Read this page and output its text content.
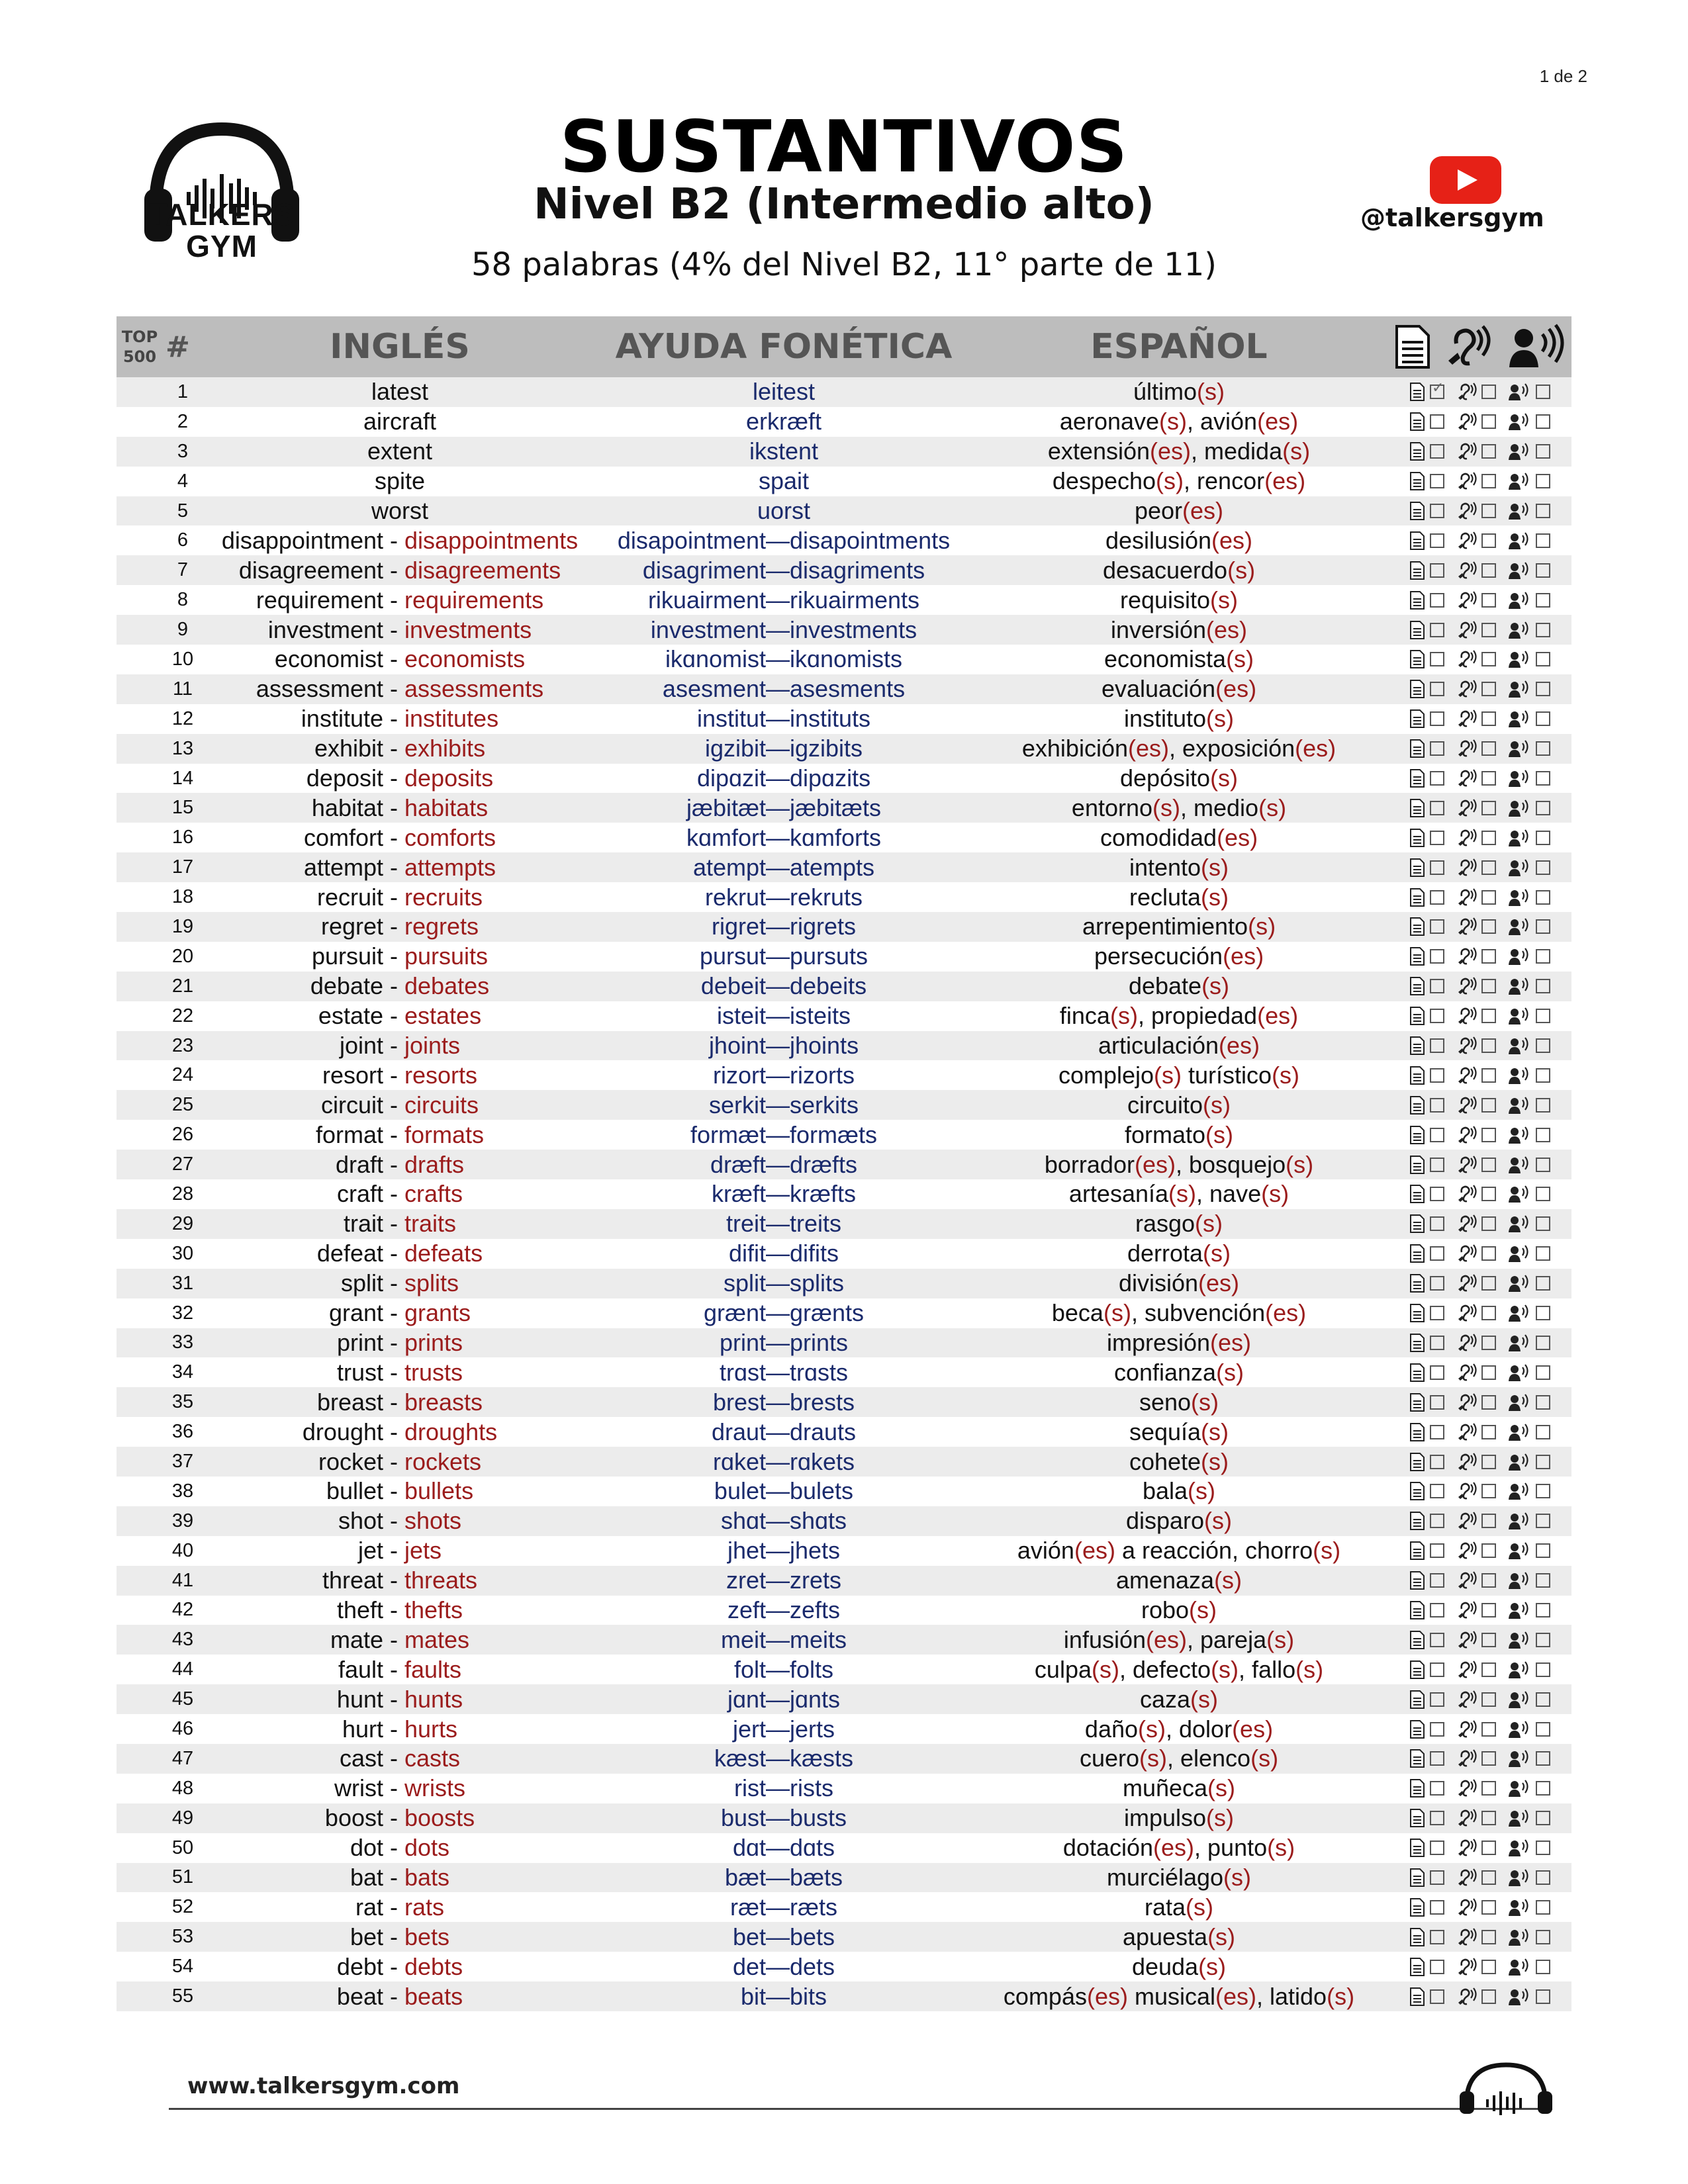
1 de 2
TALKERS
GYM
SUSTANTIVOS
Nivel B2 (Intermedio alto)
58 palabras (4% del Nivel B2, 11° parte de 11)
@talkersgym
TOP
500	#	INGLÉS	AYUDA FONÉTICA	ESPAÑOL	

	1	latest	leitest	último(s)	✓

	2	aircraft	erkræft	aeronave(s), avión(es)	

	3	extent	ikstent	extensión(es), medida(s)	

	4	spite	spait	despecho(s), rencor(es)	

	5	worst	uorst	peor(es)	

	6	disappointment - disappointments	disapointment—disapointments	desilusión(es)	

	7	disagreement - disagreements	disagriment—disagriments	desacuerdo(s)	

	8	requirement - requirements	rikuairment—rikuairments	requisito(s)	

	9	investment - investments	investment—investments	inversión(es)	

	10	economist - economists	ikɑnomist—ikɑnomists	economista(s)	

	11	assessment - assessments	asesment—asesments	evaluación(es)	

	12	institute - institutes	institut—instituts	instituto(s)	

	13	exhibit - exhibits	igzibit—igzibits	exhibición(es), exposición(es)	

	14	deposit - deposits	dipɑzit—dipɑzits	depósito(s)	

	15	habitat - habitats	jæbitæt—jæbitæts	entorno(s), medio(s)	

	16	comfort - comforts	kɑmfort—kɑmforts	comodidad(es)	

	17	attempt - attempts	atempt—atempts	intento(s)	

	18	recruit - recruits	rekrut—rekruts	recluta(s)	

	19	regret - regrets	rigret—rigrets	arrepentimiento(s)	

	20	pursuit - pursuits	pursut—pursuts	persecución(es)	

	21	debate - debates	debeit—debeits	debate(s)	

	22	estate - estates	isteit—isteits	finca(s), propiedad(es)	

	23	joint - joints	jhoint—jhoints	articulación(es)	

	24	resort - resorts	rizort—rizorts	complejo(s) turístico(s)	

	25	circuit - circuits	serkit—serkits	circuito(s)	

	26	format - formats	formæt—formæts	formato(s)	

	27	draft - drafts	dræft—dræfts	borrador(es), bosquejo(s)	

	28	craft - crafts	kræft—kræfts	artesanía(s), nave(s)	

	29	trait - traits	treit—treits	rasgo(s)	

	30	defeat - defeats	difit—difits	derrota(s)	

	31	split - splits	split—splits	división(es)	

	32	grant - grants	grænt—grænts	beca(s), subvención(es)	

	33	print - prints	print—prints	impresión(es)	

	34	trust - trusts	trɑst—trɑsts	confianza(s)	

	35	breast - breasts	brest—brests	seno(s)	

	36	drought - droughts	draut—drauts	sequía(s)	

	37	rocket - rockets	rɑket—rɑkets	cohete(s)	

	38	bullet - bullets	bulet—bulets	bala(s)	

	39	shot - shots	shɑt—shɑts	disparo(s)	

	40	jet - jets	jhet—jhets	avión(es) a reacción, chorro(s)	

	41	threat - threats	zret—zrets	amenaza(s)	

	42	theft - thefts	zeft—zefts	robo(s)	

	43	mate - mates	meit—meits	infusión(es), pareja(s)	

	44	fault - faults	folt—folts	culpa(s), defecto(s), fallo(s)	

	45	hunt - hunts	jɑnt—jɑnts	caza(s)	

	46	hurt - hurts	jert—jerts	daño(s), dolor(es)	

	47	cast - casts	kæst—kæsts	cuero(s), elenco(s)	

	48	wrist - wrists	rist—rists	muñeca(s)	

	49	boost - boosts	bust—busts	impulso(s)	

	50	dot - dots	dɑt—dɑts	dotación(es), punto(s)	

	51	bat - bats	bæt—bæts	murciélago(s)	

	52	rat - rats	ræt—ræts	rata(s)	

	53	bet - bets	bet—bets	apuesta(s)	

	54	debt - debts	det—dets	deuda(s)	

	55	beat - beats	bit—bits	compás(es) musical(es), latido(s)	
www.talkersgym.com
